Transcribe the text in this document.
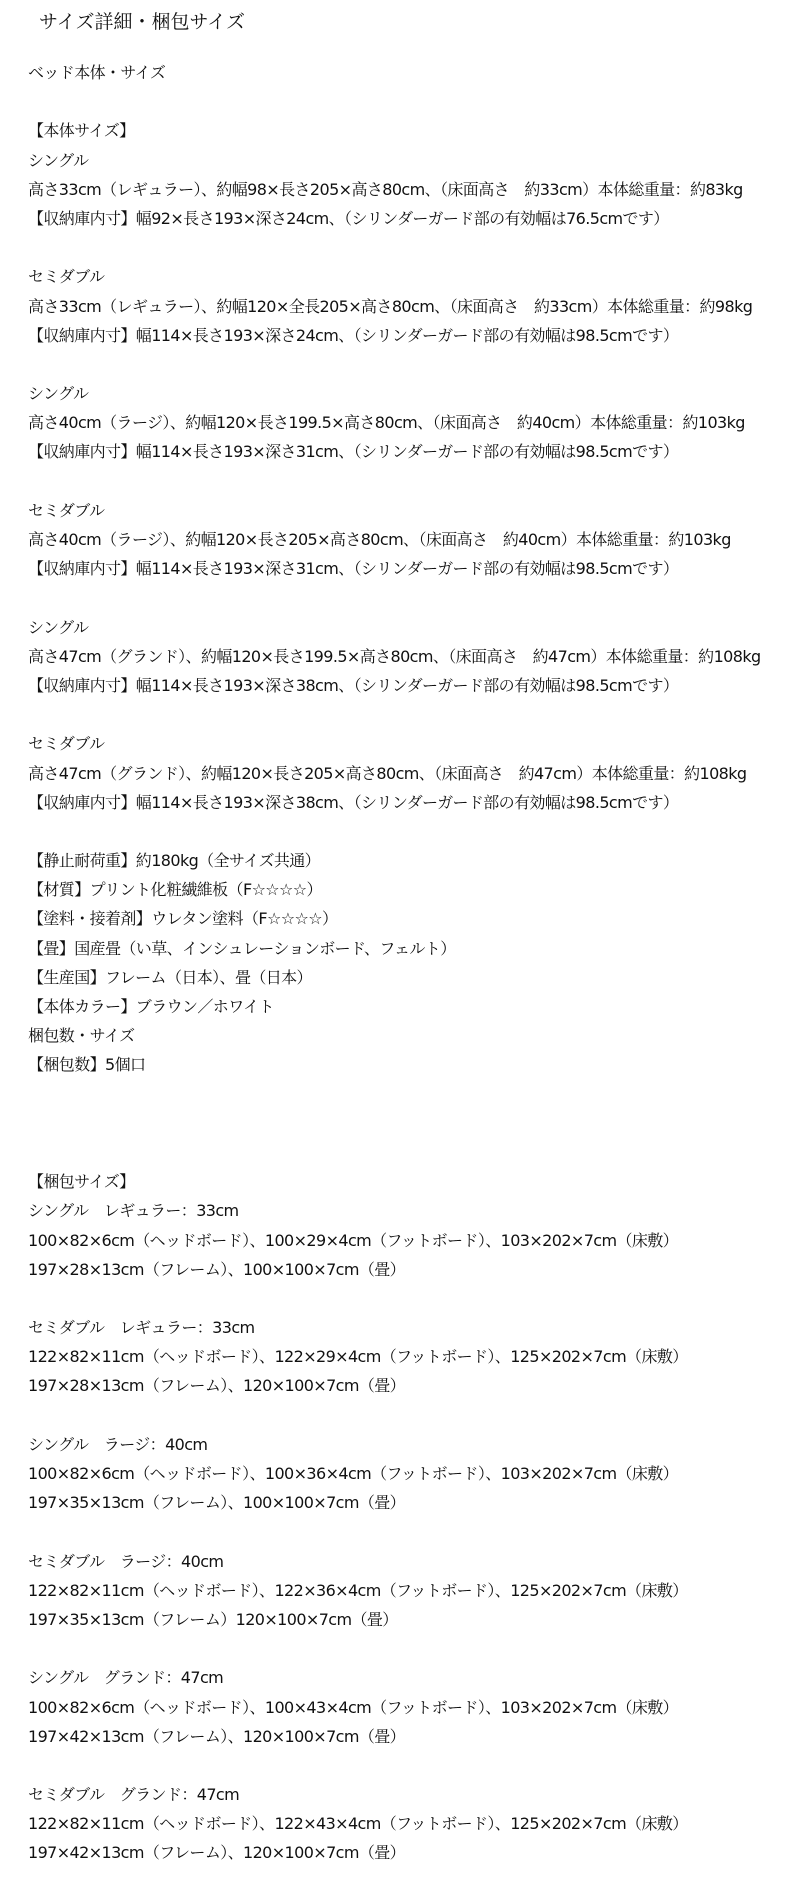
サイズ詳細・梱包サイズ
ベッド本体・サイズ
【本体サイズ】
シングル
高さ33cm（レギュラー）、約幅98×長さ205×高さ80cm、（床面高さ　約33cm）本体総重量：約83kg
【収納庫内寸】幅92×長さ193×深さ24cm、（シリンダーガード部の有効幅は76.5cmです）
セミダブル
高さ33cm（レギュラー）、約幅120×全長205×高さ80cm、（床面高さ　約33cm）本体総重量：約98kg
【収納庫内寸】幅114×長さ193×深さ24cm、（シリンダーガード部の有効幅は98.5cmです）
シングル
高さ40cm（ラージ）、約幅120×長さ199.5×高さ80cm、（床面高さ　約40cm）本体総重量：約103kg
【収納庫内寸】幅114×長さ193×深さ31cm、（シリンダーガード部の有効幅は98.5cmです）
セミダブル
高さ40cm（ラージ）、約幅120×長さ205×高さ80cm、（床面高さ　約40cm）本体総重量：約103kg
【収納庫内寸】幅114×長さ193×深さ31cm、（シリンダーガード部の有効幅は98.5cmです）
シングル
高さ47cm（グランド）、約幅120×長さ199.5×高さ80cm、（床面高さ　約47cm）本体総重量：約108kg
【収納庫内寸】幅114×長さ193×深さ38cm、（シリンダーガード部の有効幅は98.5cmです）
セミダブル
高さ47cm（グランド）、約幅120×長さ205×高さ80cm、（床面高さ　約47cm）本体総重量：約108kg
【収納庫内寸】幅114×長さ193×深さ38cm、（シリンダーガード部の有効幅は98.5cmです）
【静止耐荷重】約180kg（全サイズ共通）
【材質】プリント化粧繊維板（F☆☆☆☆）
【塗料・接着剤】ウレタン塗料（F☆☆☆☆）
【畳】国産畳（い草、インシュレーションボード、フェルト）
【生産国】フレーム（日本）、畳（日本）
【本体カラー】ブラウン／ホワイト
梱包数・サイズ
【梱包数】5個口
【梱包サイズ】
シングル　レギュラー：33cm
100×82×6cm（ヘッドボード）、100×29×4cm（フットボード）、103×202×7cm（床敷）
197×28×13cm（フレーム）、100×100×7cm（畳）
セミダブル　レギュラー：33cm
122×82×11cm（ヘッドボード）、122×29×4cm（フットボード）、125×202×7cm（床敷）
197×28×13cm（フレーム）、120×100×7cm（畳）
シングル　ラージ：40cm
100×82×6cm（ヘッドボード）、100×36×4cm（フットボード）、103×202×7cm（床敷）
197×35×13cm（フレーム）、100×100×7cm（畳）
セミダブル　ラージ：40cm
122×82×11cm（ヘッドボード）、122×36×4cm（フットボード）、125×202×7cm（床敷）
197×35×13cm（フレーム）120×100×7cm（畳）
シングル　グランド：47cm
100×82×6cm（ヘッドボード）、100×43×4cm（フットボード）、103×202×7cm（床敷）
197×42×13cm（フレーム）、120×100×7cm（畳）
セミダブル　グランド：47cm
122×82×11cm（ヘッドボード）、122×43×4cm（フットボード）、125×202×7cm（床敷）
197×42×13cm（フレーム）、120×100×7cm（畳）
